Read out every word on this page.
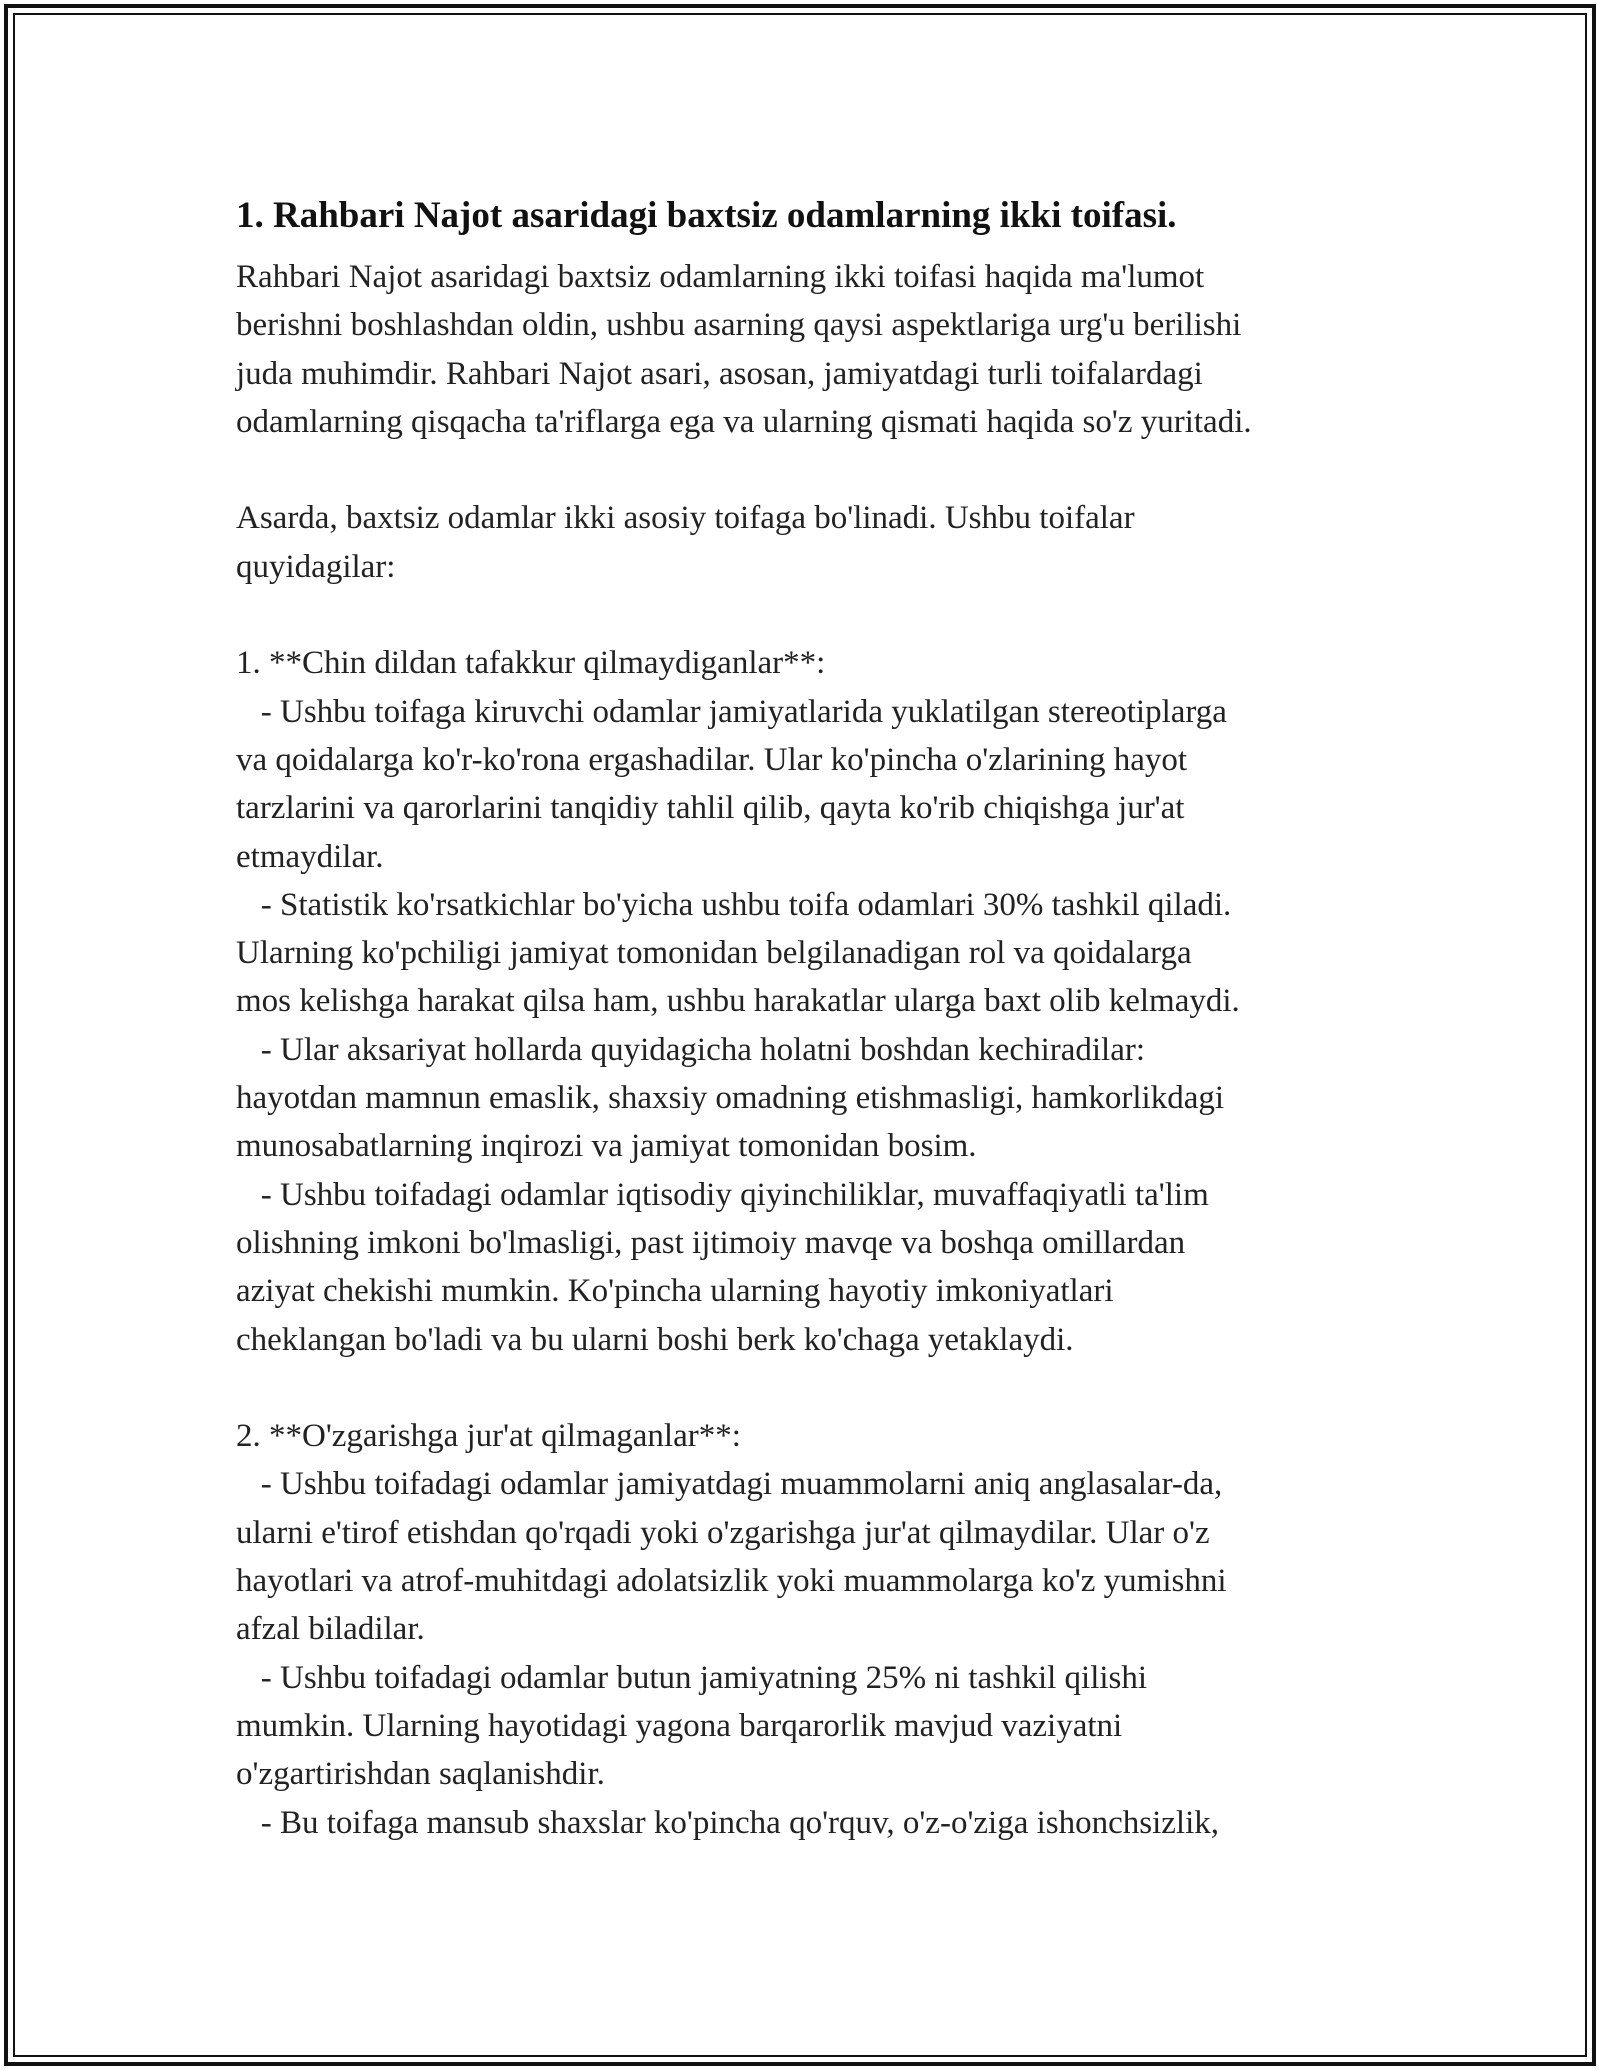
1. Rahbari Najot asaridagi baxtsiz odamlarning ikki toifasi.
Rahbari Najot asaridagi baxtsiz odamlarning ikki toifasi haqida ma'lumot
berishni boshlashdan oldin, ushbu asarning qaysi aspektlariga urg'u berilishi
juda muhimdir. Rahbari Najot asari, asosan, jamiyatdagi turli toifalardagi
odamlarning qisqacha ta'riflarga ega va ularning qismati haqida so'z yuritadi.
Asarda, baxtsiz odamlar ikki asosiy toifaga bo'linadi. Ushbu toifalar
quyidagilar:
1. **Chin dildan tafakkur qilmaydiganlar**:
- Ushbu toifaga kiruvchi odamlar jamiyatlarida yuklatilgan stereotiplarga
va qoidalarga ko'r-ko'rona ergashadilar. Ular ko'pincha o'zlarining hayot
tarzlarini va qarorlarini tanqidiy tahlil qilib, qayta ko'rib chiqishga jur'at
etmaydilar.
- Statistik ko'rsatkichlar bo'yicha ushbu toifa odamlari 30% tashkil qiladi.
Ularning ko'pchiligi jamiyat tomonidan belgilanadigan rol va qoidalarga
mos kelishga harakat qilsa ham, ushbu harakatlar ularga baxt olib kelmaydi.
- Ular aksariyat hollarda quyidagicha holatni boshdan kechiradilar:
hayotdan mamnun emaslik, shaxsiy omadning etishmasligi, hamkorlikdagi
munosabatlarning inqirozi va jamiyat tomonidan bosim.
- Ushbu toifadagi odamlar iqtisodiy qiyinchiliklar, muvaffaqiyatli ta'lim
olishning imkoni bo'lmasligi, past ijtimoiy mavqe va boshqa omillardan
aziyat chekishi mumkin. Ko'pincha ularning hayotiy imkoniyatlari
cheklangan bo'ladi va bu ularni boshi berk ko'chaga yetaklaydi.
2. **O'zgarishga jur'at qilmaganlar**:
- Ushbu toifadagi odamlar jamiyatdagi muammolarni aniq anglasalar-da,
ularni e'tirof etishdan qo'rqadi yoki o'zgarishga jur'at qilmaydilar. Ular o'z
hayotlari va atrof-muhitdagi adolatsizlik yoki muammolarga ko'z yumishni
afzal biladilar.
- Ushbu toifadagi odamlar butun jamiyatning 25% ni tashkil qilishi
mumkin. Ularning hayotidagi yagona barqarorlik mavjud vaziyatni
o'zgartirishdan saqlanishdir.
- Bu toifaga mansub shaxslar ko'pincha qo'rquv, o'z-o'ziga ishonchsizlik,
